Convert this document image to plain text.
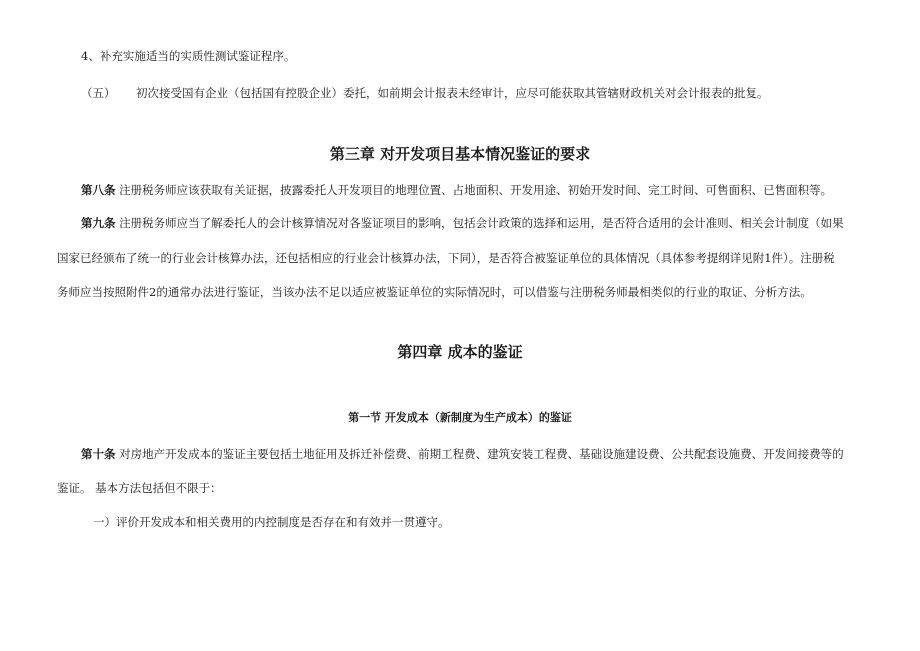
4、补充实施适当的实质性测试鉴证程序。
（五） 初次接受国有企业（包括国有控股企业）委托，如前期会计报表未经审计，应尽可能获取其管辖财政机关对会计报表的批复。
第三章 对开发项目基本情况鉴证的要求
第八条 注册税务师应该获取有关证据，披露委托人开发项目的地理位置、占地面积、开发用途、初始开发时间、完工时间、可售面积、已售面积等。
第九条 注册税务师应当了解委托人的会计核算情况对各鉴证项目的影响，包括会计政策的选择和运用，是否符合适用的会计准则、相关会计制度（如果
国家已经颁布了统一的行业会计核算办法，还包括相应的行业会计核算办法，下同），是否符合被鉴证单位的具体情况（具体参考提纲详见附1件）。注册税
务师应当按照附件2的通常办法进行鉴证，当该办法不足以适应被鉴证单位的实际情况时，可以借鉴与注册税务师最相类似的行业的取证、分析方法。
第四章 成本的鉴证
第一节 开发成本（新制度为生产成本）的鉴证
第十条 对房地产开发成本的鉴证主要包括土地征用及拆迁补偿费、前期工程费、建筑安装工程费、基础设施建设费、公共配套设施费、开发间接费等的
鉴证。 基本方法包括但不限于：
一）评价开发成本和相关费用的内控制度是否存在和有效并一贯遵守。
